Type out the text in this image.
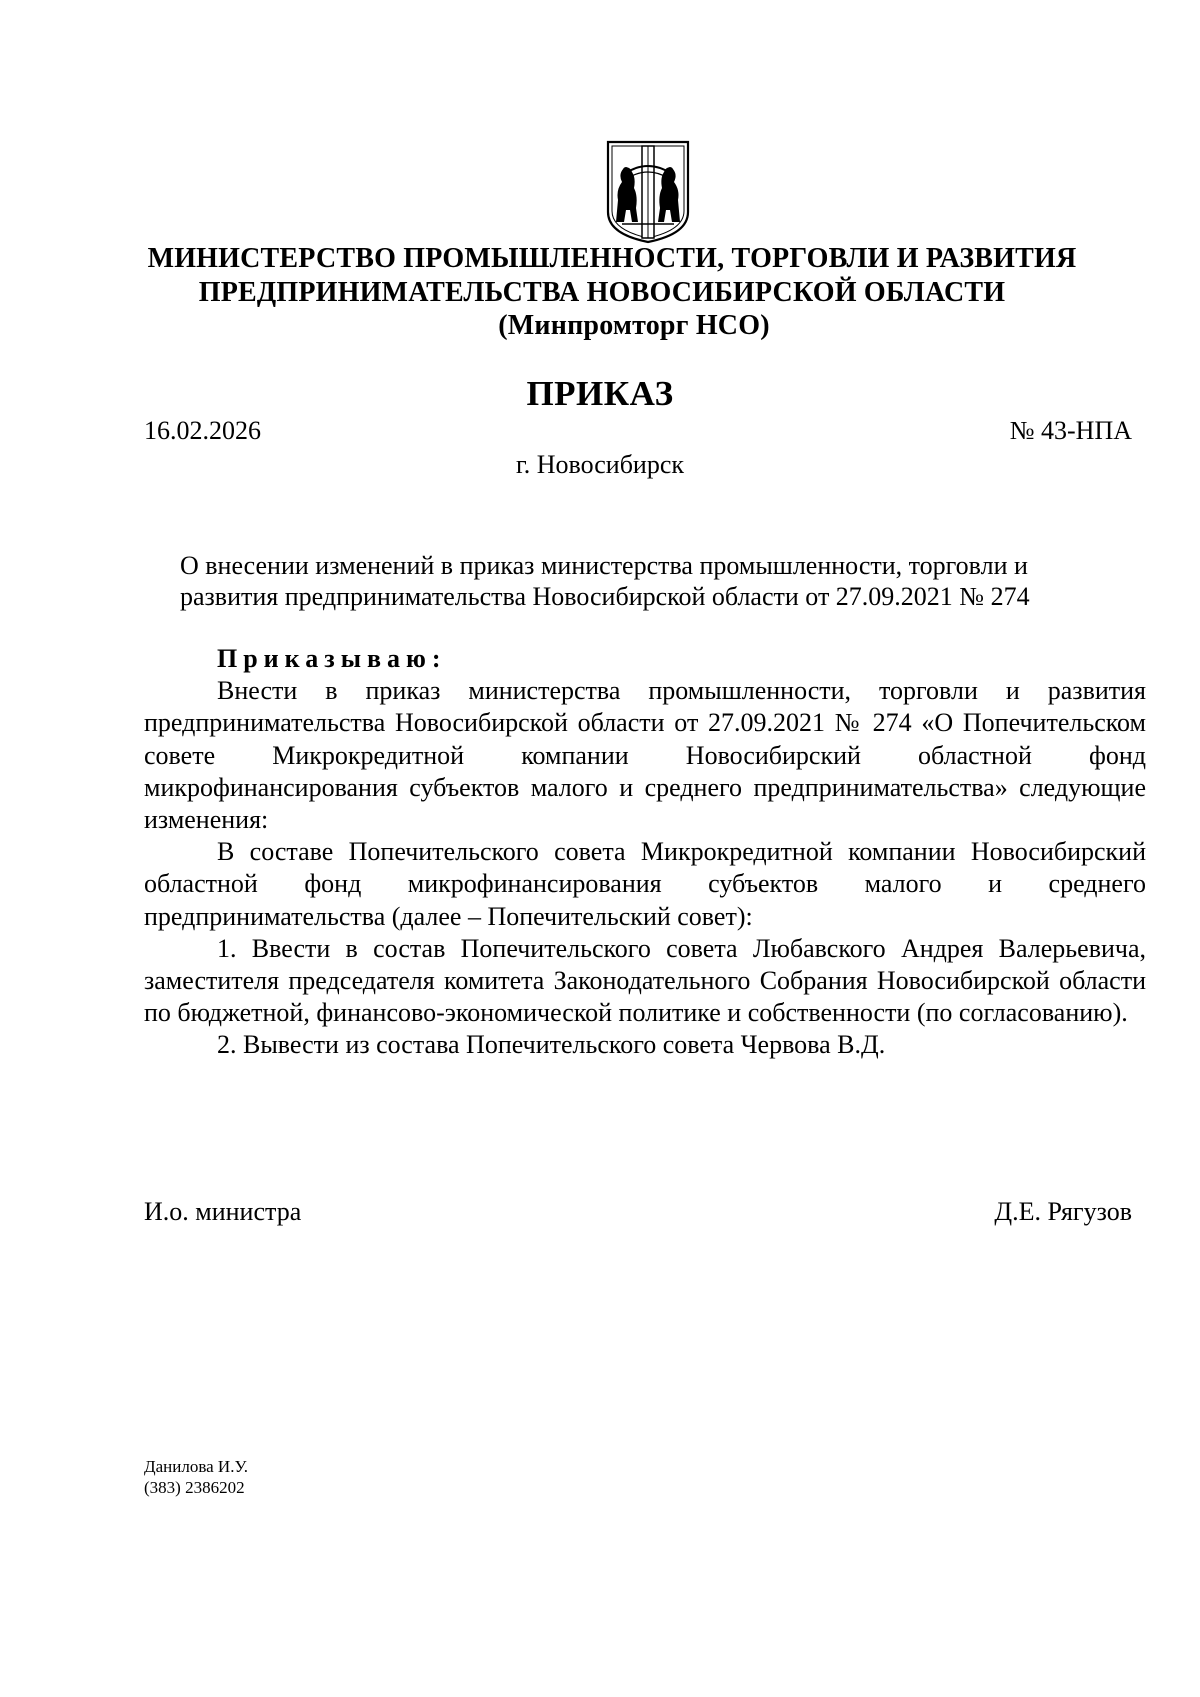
МИНИСТЕРСТВО ПРОМЫШЛЕННОСТИ, ТОРГОВЛИ И РАЗВИТИЯ
ПРЕДПРИНИМАТЕЛЬСТВА НОВОСИБИРСКОЙ ОБЛАСТИ
(Минпромторг НСО)
ПРИКАЗ
16.02.2026	№ 43-НПА
г. Новосибирск
О внесении изменений в приказ министерства промышленности, торговли и
развития предпринимательства Новосибирской области от 27.09.2021 № 274

Приказываю:

Внести в приказ министерства промышленности, торговли и развития предпринимательства Новосибирской области от 27.09.2021 № 274 «О Попечительском совете Микрокредитной компании Новосибирский областной фонд микрофинансирования субъектов малого и среднего предпринимательства» следующие изменения:

В составе Попечительского совета Микрокредитной компании Новосибирский областной фонд микрофинансирования субъектов малого и среднего предпринимательства (далее – Попечительский совет):

1. Ввести в состав Попечительского совета Любавского Андрея Валерьевича, заместителя председателя комитета Законодательного Собрания Новосибирской области по бюджетной, финансово-экономической политике и собственности (по согласованию).

2. Вывести из состава Попечительского совета Червова В.Д.

И.о. министра	Д.Е. Рягузов
Данилова И.У.
(383) 2386202
